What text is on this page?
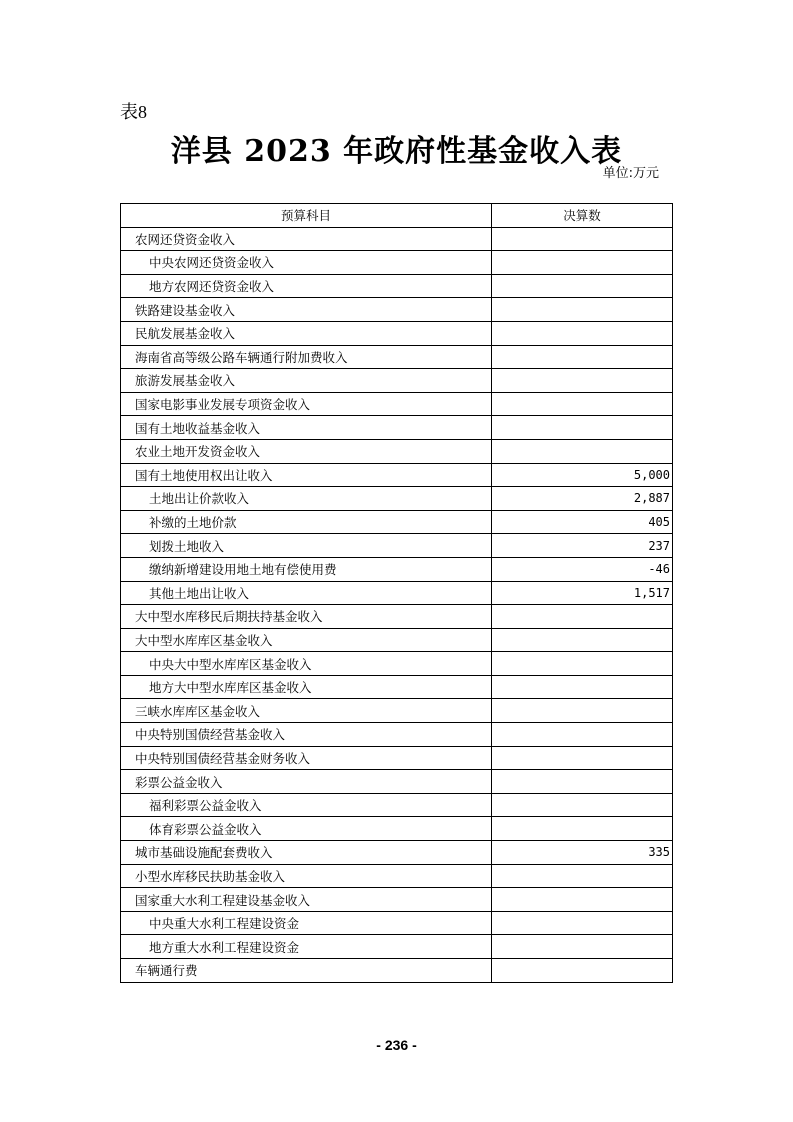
表8
洋县 2023 年政府性基金收入表
单位:万元
预算科目	决算数
农网还贷资金收入	
中央农网还贷资金收入	
地方农网还贷资金收入	
铁路建设基金收入	
民航发展基金收入	
海南省高等级公路车辆通行附加费收入	
旅游发展基金收入	
国家电影事业发展专项资金收入	
国有土地收益基金收入	
农业土地开发资金收入	
国有土地使用权出让收入	5,000
土地出让价款收入	2,887
补缴的土地价款	405
划拨土地收入	237
缴纳新增建设用地土地有偿使用费	-46
其他土地出让收入	1,517
大中型水库移民后期扶持基金收入	
大中型水库库区基金收入	
中央大中型水库库区基金收入	
地方大中型水库库区基金收入	
三峡水库库区基金收入	
中央特别国债经营基金收入	
中央特别国债经营基金财务收入	
彩票公益金收入	
福利彩票公益金收入	
体育彩票公益金收入	
城市基础设施配套费收入	335
小型水库移民扶助基金收入	
国家重大水利工程建设基金收入	
中央重大水利工程建设资金	
地方重大水利工程建设资金	
车辆通行费	
- 236 -
